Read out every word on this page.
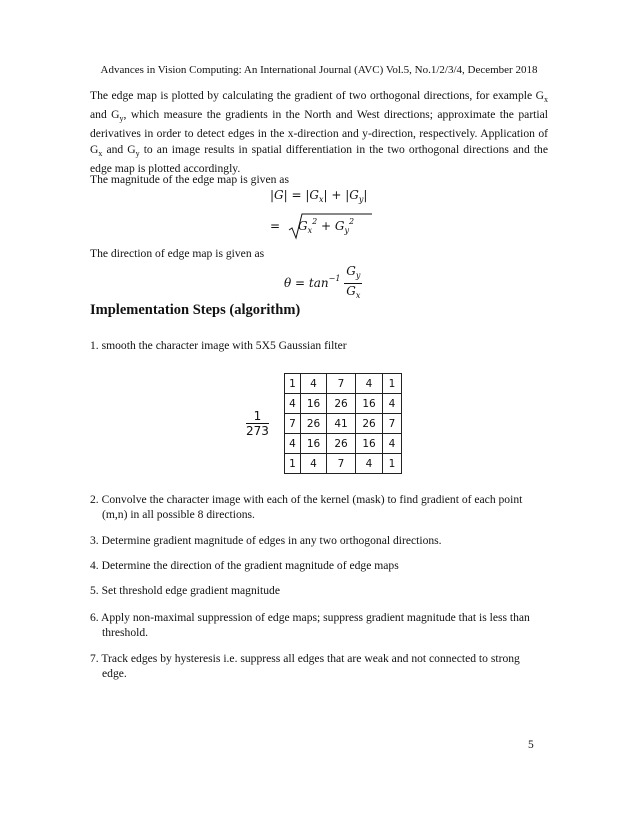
Advances in Vision Computing: An International Journal (AVC) Vol.5, No.1/2/3/4, December 2018
The edge map is plotted by calculating the gradient of two orthogonal directions, for example $G_x$ and $G_y$, which measure the gradients in the North and West directions; approximate the partial derivatives in order to detect edges in the x-direction and y-direction, respectively. Application of $G_x$ and $G_y$ to an image results in spatial differentiation in the two orthogonal directions and the edge map is plotted accordingly.
The magnitude of the edge map is given as
$|G| = |G_x| + |G_y|$
= $G_x^2 + G_y^2$
The direction of edge map is given as
$\theta = \tan^{-1} \frac{G_y}{G_x}$
Implementation Steps (algorithm)
1. smooth the character image with 5X5 Gaussian filter
$\frac{1}{273}$
1	4	7	4	1
4	16	26	16	4
7	26	41	26	7
4	16	26	16	4
1	4	7	4	1
2. Convolve the character image with each of the kernel (mask) to find gradient of each point
(m,n) in all possible 8 directions.
3. Determine gradient magnitude of edges in any two orthogonal directions.
4. Determine the direction of the gradient magnitude of edge maps
5. Set threshold edge gradient magnitude
6. Apply non-maximal suppression of edge maps; suppress gradient magnitude that is less than
threshold.
7. Track edges by hysteresis i.e. suppress all edges that are weak and not connected to strong
edge.
5
